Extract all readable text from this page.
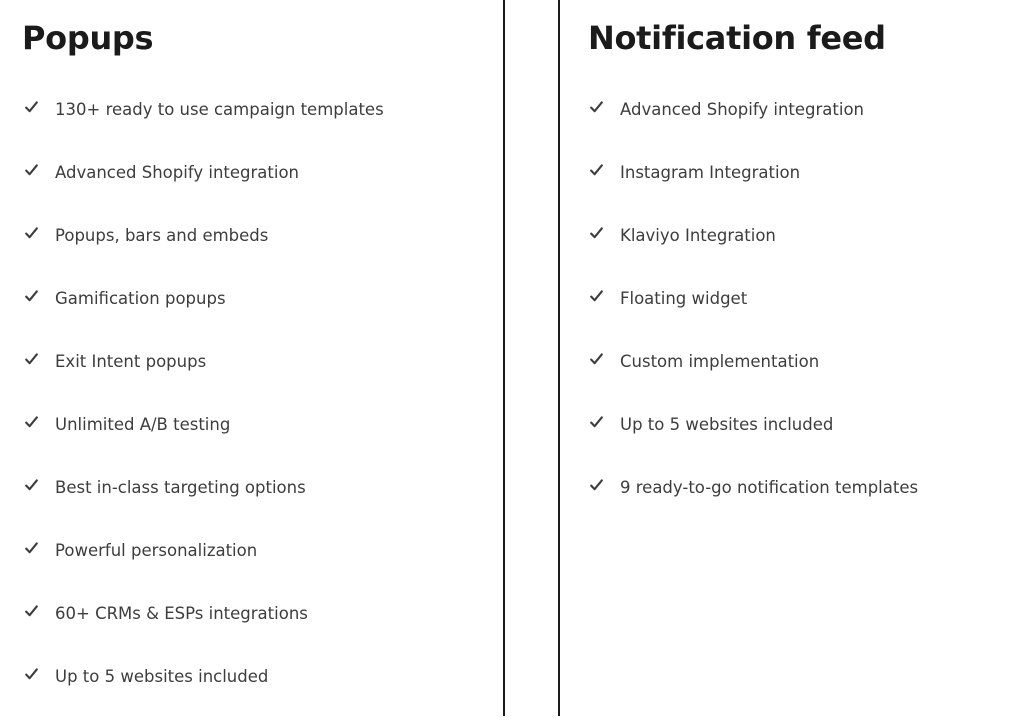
Popups
130+ ready to use campaign templates
Advanced Shopify integration
Popups, bars and embeds
Gamification popups
Exit Intent popups
Unlimited A/B testing
Best in-class targeting options
Powerful personalization
60+ CRMs & ESPs integrations
Up to 5 websites included
Notification feed
Advanced Shopify integration
Instagram Integration
Klaviyo Integration
Floating widget
Custom implementation
Up to 5 websites included
9 ready-to-go notification templates
